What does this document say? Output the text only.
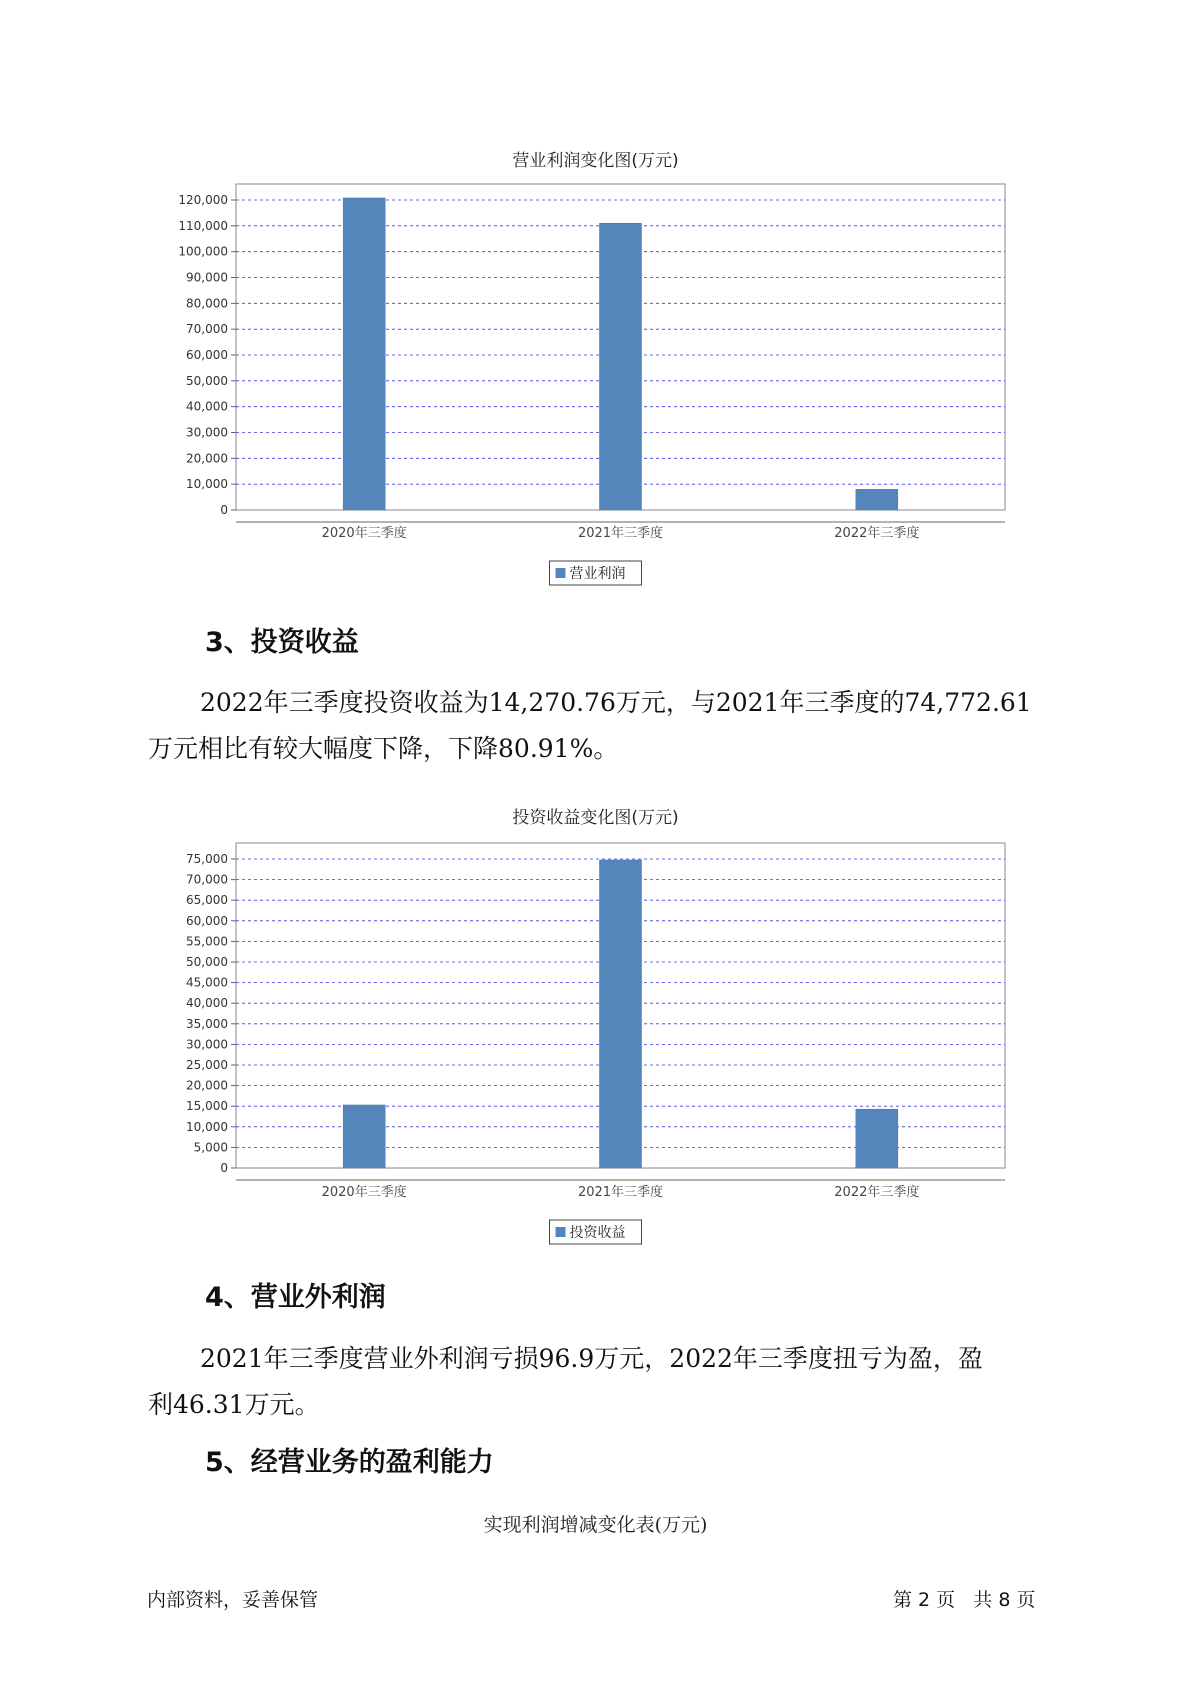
营业利润变化图(万元)
0
10,000
20,000
30,000
40,000
50,000
60,000
70,000
80,000
90,000
100,000
110,000
120,000
2020年三季度	2021年三季度	2022年三季度
营业利润
3、投资收益
2022年三季度投资收益为14,270.76万元，与2021年三季度的74,772.61
万元相比有较大幅度下降，下降80.91%。
投资收益变化图(万元)
0
5,000
10,000
15,000
20,000
25,000
30,000
35,000
40,000
45,000
50,000
55,000
60,000
65,000
70,000
75,000
2020年三季度	2021年三季度	2022年三季度
投资收益
4、营业外利润
2021年三季度营业外利润亏损96.9万元，2022年三季度扭亏为盈，盈
利46.31万元。
5、经营业务的盈利能力
实现利润增减变化表(万元)
内部资料，妥善保管	第 2 页   共 8 页
